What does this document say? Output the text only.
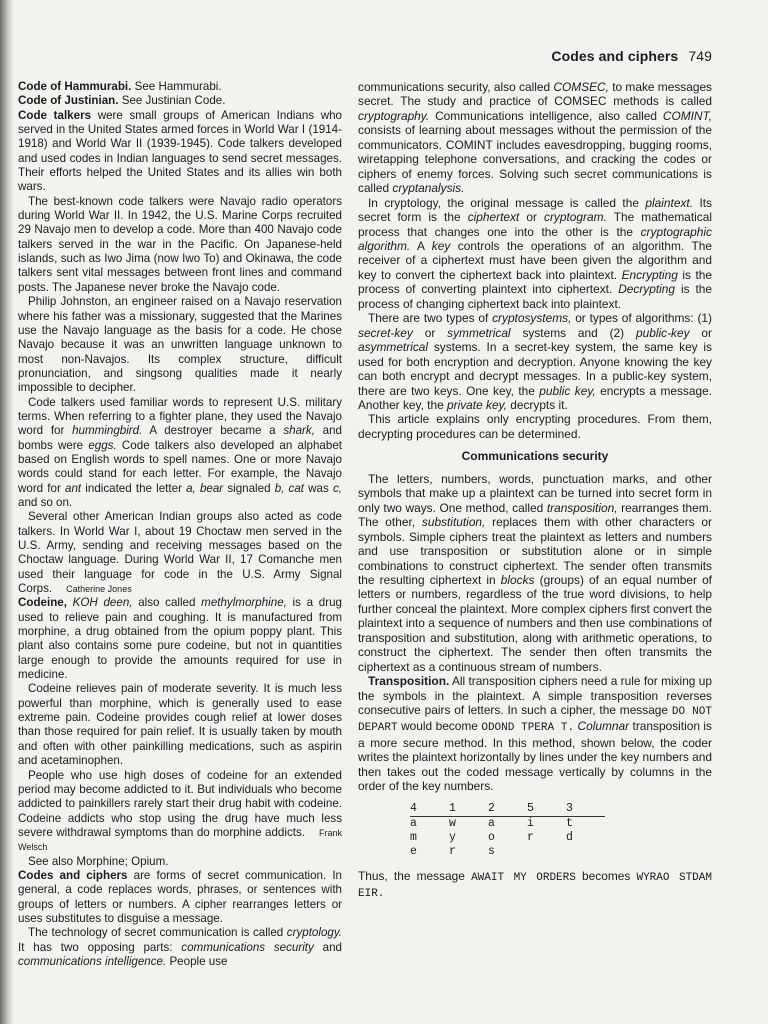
Codes and ciphers 749

Code of Hammurabi. See Hammurabi.

Code of Justinian. See Justinian Code.

Code talkers were small groups of American Indians who served in the United States armed forces in World War I (1914-1918) and World War II (1939-1945). Code talkers developed and used codes in Indian languages to send secret messages. Their efforts helped the United States and its allies win both wars.

The best-known code talkers were Navajo radio operators during World War II. In 1942, the U.S. Marine Corps recruited 29 Navajo men to develop a code. More than 400 Navajo code talkers served in the war in the Pacific. On Japanese-held islands, such as Iwo Jima (now Iwo To) and Okinawa, the code talkers sent vital messages between front lines and command posts. The Japanese never broke the Navajo code.

Philip Johnston, an engineer raised on a Navajo reservation where his father was a missionary, suggested that the Marines use the Navajo language as the basis for a code. He chose Navajo because it was an unwritten language unknown to most non-Navajos. Its complex structure, difficult pronunciation, and singsong qualities made it nearly impossible to decipher.

Code talkers used familiar words to represent U.S. military terms. When referring to a fighter plane, they used the Navajo word for hummingbird. A destroyer became a shark, and bombs were eggs. Code talkers also developed an alphabet based on English words to spell names. One or more Navajo words could stand for each letter. For example, the Navajo word for ant indicated the letter a, bear signaled b, cat was c, and so on.

Several other American Indian groups also acted as code talkers. In World War I, about 19 Choctaw men served in the U.S. Army, sending and receiving messages based on the Choctaw language. During World War II, 17 Comanche men used their language for code in the U.S. Army Signal Corps. Catherine Jones

Codeine, KOH deen, also called methylmorphine, is a drug used to relieve pain and coughing. It is manufactured from morphine, a drug obtained from the opium poppy plant. This plant also contains some pure codeine, but not in quantities large enough to provide the amounts required for use in medicine.

Codeine relieves pain of moderate severity. It is much less powerful than morphine, which is generally used to ease extreme pain. Codeine provides cough relief at lower doses than those required for pain relief. It is usually taken by mouth and often with other painkilling medications, such as aspirin and acetaminophen.

People who use high doses of codeine for an extended period may become addicted to it. But individuals who become addicted to painkillers rarely start their drug habit with codeine. Codeine addicts who stop using the drug have much less severe withdrawal symptoms than do morphine addicts. Frank Welsch

See also Morphine; Opium.

Codes and ciphers are forms of secret communication. In general, a code replaces words, phrases, or sentences with groups of letters or numbers. A cipher rearranges letters or uses substitutes to disguise a message.

The technology of secret communication is called cryptology. It has two opposing parts: communications security and communications intelligence. People use

communications security, also called COMSEC, to make messages secret. The study and practice of COMSEC methods is called cryptography. Communications intelligence, also called COMINT, consists of learning about messages without the permission of the communicators. COMINT includes eavesdropping, bugging rooms, wiretapping telephone conversations, and cracking the codes or ciphers of enemy forces. Solving such secret communications is called cryptanalysis.

In cryptology, the original message is called the plaintext. Its secret form is the ciphertext or cryptogram. The mathematical process that changes one into the other is the cryptographic algorithm. A key controls the operations of an algorithm. The receiver of a ciphertext must have been given the algorithm and key to convert the ciphertext back into plaintext. Encrypting is the process of converting plaintext into ciphertext. Decrypting is the process of changing ciphertext back into plaintext.

There are two types of cryptosystems, or types of algorithms: (1) secret-key or symmetrical systems and (2) public-key or asymmetrical systems. In a secret-key system, the same key is used for both encryption and decryption. Anyone knowing the key can both encrypt and decrypt messages. In a public-key system, there are two keys. One key, the public key, encrypts a message. Another key, the private key, decrypts it.

This article explains only encrypting procedures. From them, decrypting procedures can be determined.

Communications security

The letters, numbers, words, punctuation marks, and other symbols that make up a plaintext can be turned into secret form in only two ways. One method, called transposition, rearranges them. The other, substitution, replaces them with other characters or symbols. Simple ciphers treat the plaintext as letters and numbers and use transposition or substitution alone or in simple combinations to construct ciphertext. The sender often transmits the resulting ciphertext in blocks (groups) of an equal number of letters or numbers, regardless of the true word divisions, to help further conceal the plaintext. More complex ciphers first convert the plaintext into a sequence of numbers and then use combinations of transposition and substitution, along with arithmetic operations, to construct the ciphertext. The sender then often transmits the ciphertext as a continuous stream of numbers.

Transposition. All transposition ciphers need a rule for mixing up the symbols in the plaintext. A simple transposition reverses consecutive pairs of letters. In such a cipher, the message DO NOT DEPART would become ODOND TPERA T. Columnar transposition is a more secure method. In this method, shown below, the coder writes the plaintext horizontally by lines under the key numbers and then takes out the coded message vertically by columns in the order of the key numbers.

4	1	2	5	3
a	w	a	i	t
m	y	o	r	d
e	r	s		

Thus, the message AWAIT MY ORDERS becomes WYRAO STDAM EIR.
